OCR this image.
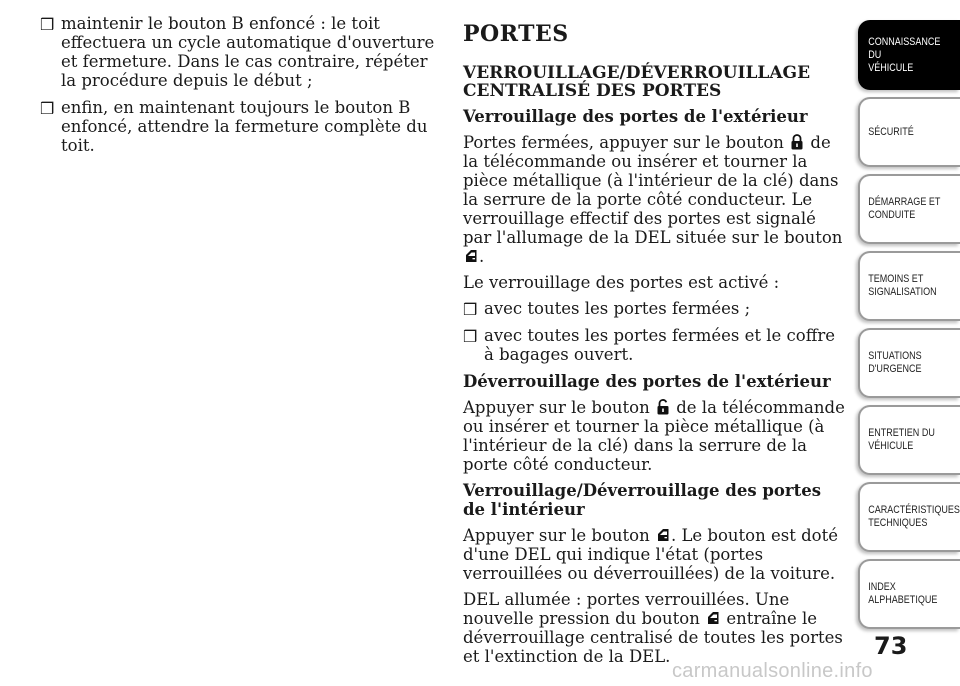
❒ maintenir le bouton B enfoncé : le toit effectuera un cycle automatique d'ouverture et fermeture. Dans le cas contraire, répéter la procédure depuis le début ;
❒ enfin, en maintenant toujours le bouton B enfoncé, attendre la fermeture complète du toit.
PORTES
VERROUILLAGE/DÉVERROUILLAGE CENTRALISÉ DES PORTES
Verrouillage des portes de l'extérieur

Portes fermées, appuyer sur le bouton de la télécommande ou insérer et tourner la pièce métallique (à l'intérieur de la clé) dans la serrure de la porte côté conducteur. Le verrouillage effectif des portes est signalé par l'allumage de la DEL située sur le bouton
.

Le verrouillage des portes est activé :

❒ avec toutes les portes fermées ;
❒ avec toutes les portes fermées et le coffre à bagages ouvert.
Déverrouillage des portes de l'extérieur

Appuyer sur le bouton de la télécommande ou insérer et tourner la pièce métallique (à l'intérieur de la clé) dans la serrure de la porte côté conducteur.

Verrouillage/Déverrouillage des portes de l'intérieur

Appuyer sur le bouton . Le bouton est doté d'une DEL qui indique l'état (portes verrouillées ou déverrouillées) de la voiture.

DEL allumée : portes verrouillées. Une nouvelle pression du bouton entraîne le déverrouillage centralisé de toutes les portes et l'extinction de la DEL.

CONNAISSANCE DU
VÉHICULE
SÉCURITÉ
DÉMARRAGE ET
CONDUITE
TEMOINS ET
SIGNALISATION
SITUATIONS
D'URGENCE
ENTRETIEN DU
VÉHICULE
CARACTÉRISTIQUES
TECHNIQUES
INDEX
ALPHABETIQUE
73
carmanualsonline.info
